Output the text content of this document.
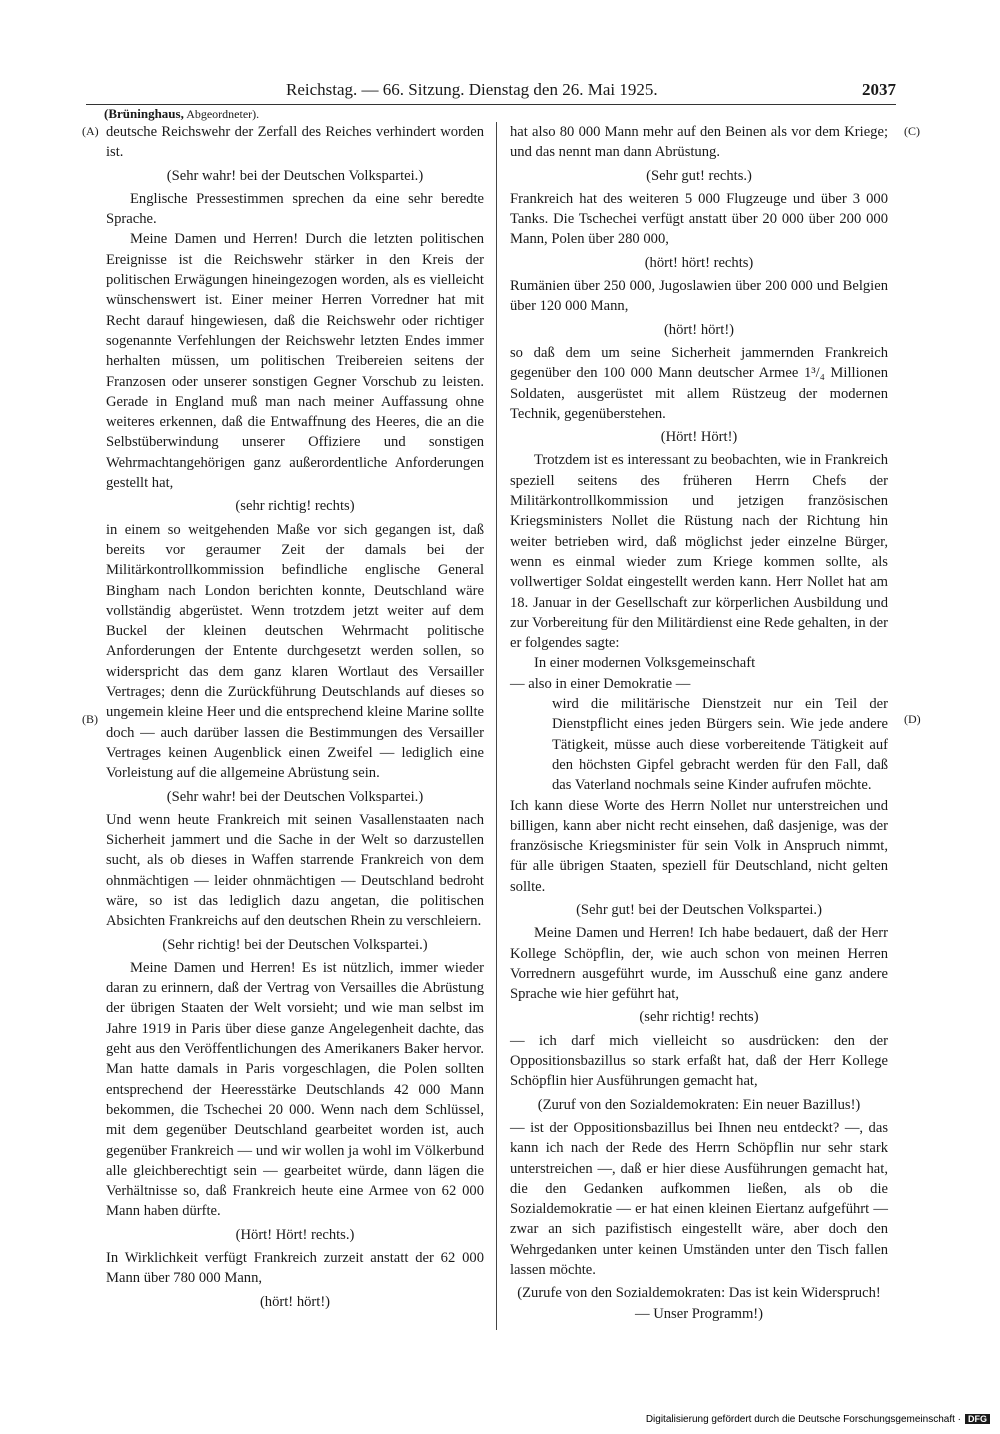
Reichstag. — 66. Sitzung. Dienstag den 26. Mai 1925.	2037
(Brüninghaus, Abgeordneter).
(A)
(B)
(C)
(D)

deutsche Reichswehr der Zerfall des Reiches verhindert worden ist.

(Sehr wahr! bei der Deutschen Volkspartei.)

Englische Pressestimmen sprechen da eine sehr beredte Sprache.

Meine Damen und Herren! Durch die letzten politischen Ereignisse ist die Reichswehr stärker in den Kreis der politischen Erwägungen hineingezogen worden, als es vielleicht wünschenswert ist. Einer meiner Herren Vorredner hat mit Recht darauf hingewiesen, daß die Reichswehr oder richtiger sogenannte Verfehlungen der Reichswehr letzten Endes immer herhalten müssen, um politischen Treibereien seitens der Franzosen oder unserer sonstigen Gegner Vorschub zu leisten. Gerade in England muß man nach meiner Auffassung ohne weiteres erkennen, daß die Entwaffnung des Heeres, die an die Selbstüberwindung unserer Offiziere und sonstigen Wehrmachtangehörigen ganz außerordentliche Anforderungen gestellt hat,

(sehr richtig! rechts)

in einem so weitgehenden Maße vor sich gegangen ist, daß bereits vor geraumer Zeit der damals bei der Militärkontrollkommission befindliche englische General Bingham nach London berichten konnte, Deutschland wäre vollständig abgerüstet. Wenn trotzdem jetzt weiter auf dem Buckel der kleinen deutschen Wehrmacht politische Anforderungen der Entente durchgesetzt werden sollen, so widerspricht das dem ganz klaren Wortlaut des Versailler Vertrages; denn die Zurückführung Deutschlands auf dieses so ungemein kleine Heer und die entsprechend kleine Marine sollte doch — auch darüber lassen die Bestimmungen des Versailler Vertrages keinen Augenblick einen Zweifel — lediglich eine Vorleistung auf die allgemeine Abrüstung sein.

(Sehr wahr! bei der Deutschen Volkspartei.)

Und wenn heute Frankreich mit seinen Vasallenstaaten nach Sicherheit jammert und die Sache in der Welt so darzustellen sucht, als ob dieses in Waffen starrende Frankreich von dem ohnmächtigen — leider ohnmächtigen — Deutschland bedroht wäre, so ist das lediglich dazu angetan, die politischen Absichten Frankreichs auf den deutschen Rhein zu verschleiern.

(Sehr richtig! bei der Deutschen Volkspartei.)

Meine Damen und Herren! Es ist nützlich, immer wieder daran zu erinnern, daß der Vertrag von Versailles die Abrüstung der übrigen Staaten der Welt vorsieht; und wie man selbst im Jahre 1919 in Paris über diese ganze Angelegenheit dachte, das geht aus den Veröffentlichungen des Amerikaners Baker hervor. Man hatte damals in Paris vorgeschlagen, die Polen sollten entsprechend der Heeresstärke Deutschlands 42 000 Mann bekommen, die Tschechei 20 000. Wenn nach dem Schlüssel, mit dem gegenüber Deutschland gearbeitet worden ist, auch gegenüber Frankreich — und wir wollen ja wohl im Völkerbund alle gleichberechtigt sein — gearbeitet würde, dann lägen die Verhältnisse so, daß Frankreich heute eine Armee von 62 000 Mann haben dürfte.

(Hört! Hört! rechts.)

In Wirklichkeit verfügt Frankreich zurzeit anstatt der 62 000 Mann über 780 000 Mann,

(hört! hört!)

hat also 80 000 Mann mehr auf den Beinen als vor dem Kriege; und das nennt man dann Abrüstung.

(Sehr gut! rechts.)

Frankreich hat des weiteren 5 000 Flugzeuge und über 3 000 Tanks. Die Tschechei verfügt anstatt über 20 000 über 200 000 Mann, Polen über 280 000,

(hört! hört! rechts)

Rumänien über 250 000, Jugoslawien über 200 000 und Belgien über 120 000 Mann,

(hört! hört!)

so daß dem um seine Sicherheit jammernden Frankreich gegenüber den 100 000 Mann deutscher Armee 1³/₄ Millionen Soldaten, ausgerüstet mit allem Rüstzeug der modernen Technik, gegenüberstehen.

(Hört! Hört!)

Trotzdem ist es interessant zu beobachten, wie in Frankreich speziell seitens des früheren Herrn Chefs der Militärkontrollkommission und jetzigen französischen Kriegsministers Nollet die Rüstung nach der Richtung hin weiter betrieben wird, daß möglichst jeder einzelne Bürger, wenn es einmal wieder zum Kriege kommen sollte, als vollwertiger Soldat eingestellt werden kann. Herr Nollet hat am 18. Januar in der Gesellschaft zur körperlichen Ausbildung und zur Vorbereitung für den Militärdienst eine Rede gehalten, in der er folgendes sagte:

In einer modernen Volksgemeinschaft

— also in einer Demokratie —

wird die militärische Dienstzeit nur ein Teil der Dienstpflicht eines jeden Bürgers sein. Wie jede andere Tätigkeit, müsse auch diese vorbereitende Tätigkeit auf den höchsten Gipfel gebracht werden für den Fall, daß das Vaterland nochmals seine Kinder aufrufen möchte.

Ich kann diese Worte des Herrn Nollet nur unterstreichen und billigen, kann aber nicht recht einsehen, daß dasjenige, was der französische Kriegsminister für sein Volk in Anspruch nimmt, für alle übrigen Staaten, speziell für Deutschland, nicht gelten sollte.

(Sehr gut! bei der Deutschen Volkspartei.)

Meine Damen und Herren! Ich habe bedauert, daß der Herr Kollege Schöpflin, der, wie auch schon von meinen Herren Vorrednern ausgeführt wurde, im Ausschuß eine ganz andere Sprache wie hier geführt hat,

(sehr richtig! rechts)

— ich darf mich vielleicht so ausdrücken: den der Oppositionsbazillus so stark erfaßt hat, daß der Herr Kollege Schöpflin hier Ausführungen gemacht hat,

(Zuruf von den Sozialdemokraten: Ein neuer Bazillus!)

— ist der Oppositionsbazillus bei Ihnen neu entdeckt? —, das kann ich nach der Rede des Herrn Schöpflin nur sehr stark unterstreichen —, daß er hier diese Ausführungen gemacht hat, die den Gedanken aufkommen ließen, als ob die Sozialdemokratie — er hat einen kleinen Eiertanz aufgeführt — zwar an sich pazifistisch eingestellt wäre, aber doch den Wehrgedanken unter keinen Umständen unter den Tisch fallen lassen möchte.

(Zurufe von den Sozialdemokraten: Das ist kein Widerspruch! — Unser Programm!)

Digitalisierung gefördert durch die Deutsche Forschungsgemeinschaft · DFG
